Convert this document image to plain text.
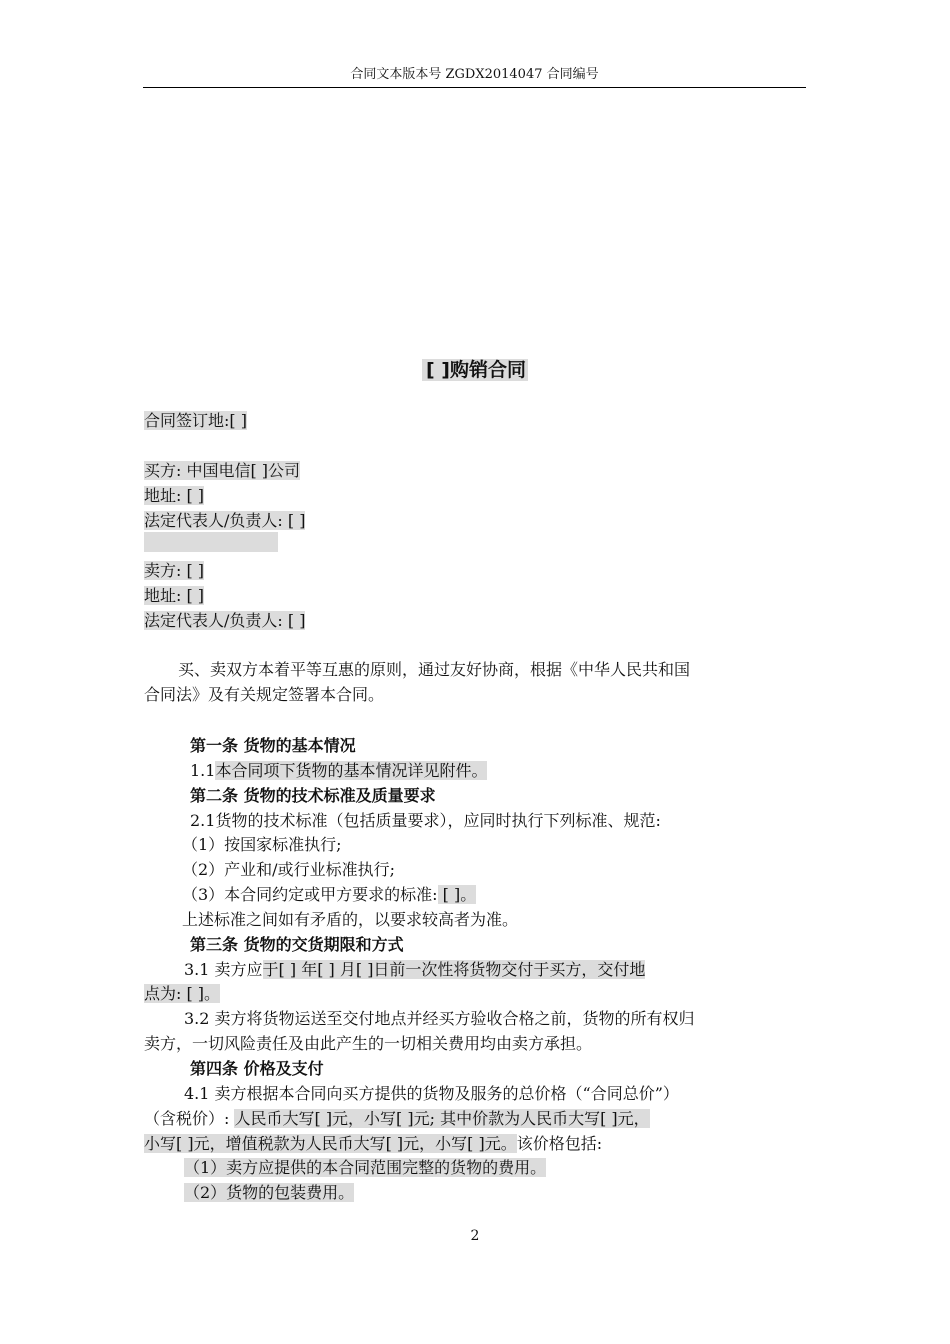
合同文本版本号 ZGDX2014047 合同编号
[ ]购销合同
合同签订地:[ ]
买方: 中国电信[ ]公司
地址: [ ]
法定代表人/负责人: [ ]
卖方: [ ]
地址: [ ]
法定代表人/负责人: [ ]
买、卖双方本着平等互惠的原则，通过友好协商，根据《中华人民共和国
合同法》及有关规定签署本合同。
第一条 货物的基本情况
1.1本合同项下货物的基本情况详见附件。
第二条 货物的技术标准及质量要求
2.1货物的技术标准（包括质量要求），应同时执行下列标准、规范:
（1）按国家标准执行;
（2）产业和/或行业标准执行;
（3）本合同约定或甲方要求的标准: [ ]。
上述标准之间如有矛盾的，以要求较高者为准。
第三条 货物的交货期限和方式
3.1 卖方应于[ ] 年[ ] 月[ ]日前一次性将货物交付于买方，交付地
点为: [ ]。
3.2 卖方将货物运送至交付地点并经买方验收合格之前，货物的所有权归
卖方，一切风险责任及由此产生的一切相关费用均由卖方承担。
第四条 价格及支付
4.1 卖方根据本合同向买方提供的货物及服务的总价格（“合同总价”）
（含税价）: 人民币大写[ ]元，小写[ ]元; 其中价款为人民币大写[ ]元，
小写[ ]元，增值税款为人民币大写[ ]元，小写[ ]元。该价格包括:
（1）卖方应提供的本合同范围完整的货物的费用。
（2）货物的包装费用。
2
